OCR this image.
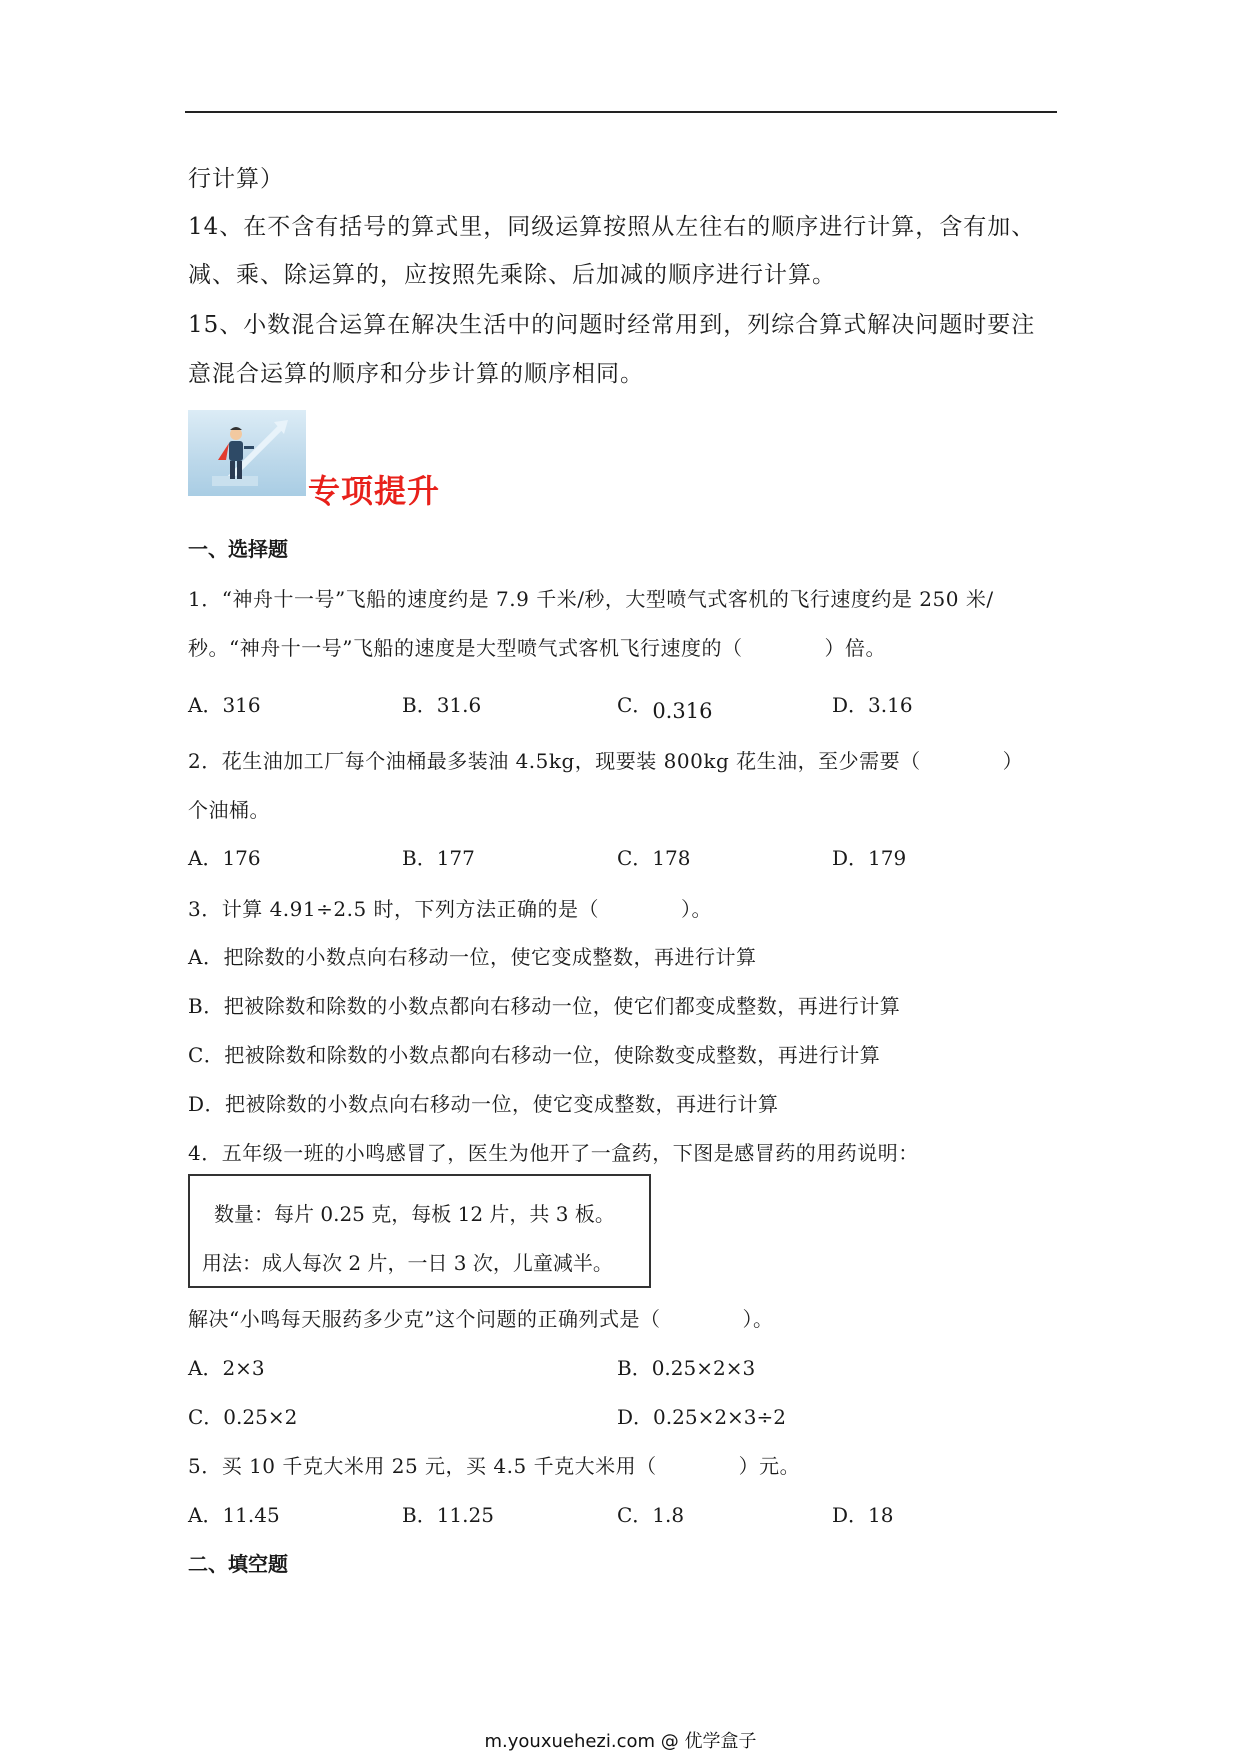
行计算）
14、在不含有括号的算式里，同级运算按照从左往右的顺序进行计算，含有加、
减、乘、除运算的，应按照先乘除、后加减的顺序进行计算。
15、小数混合运算在解决生活中的问题时经常用到，列综合算式解决问题时要注
意混合运算的顺序和分步计算的顺序相同。
专项提升
一、选择题
1．“神舟十一号”飞船的速度约是 7.9 千米/秒，大型喷气式客机的飞行速度约是 250 米/
秒。“神舟十一号”飞船的速度是大型喷气式客机飞行速度的（　　　　）倍。
A．316	B．31.6	C．0.316	D．3.16
2．花生油加工厂每个油桶最多装油 4.5kg，现要装 800kg 花生油，至少需要（　　　　）
个油桶。
A．176	B．177	C．178	D．179
3．计算 4.91÷2.5 时，下列方法正确的是（　　　　）。
A．把除数的小数点向右移动一位，使它变成整数，再进行计算
B．把被除数和除数的小数点都向右移动一位，使它们都变成整数，再进行计算
C．把被除数和除数的小数点都向右移动一位，使除数变成整数，再进行计算
D．把被除数的小数点向右移动一位，使它变成整数，再进行计算
4．五年级一班的小鸣感冒了，医生为他开了一盒药，下图是感冒药的用药说明：
数量：每片 0.25 克，每板 12 片，共 3 板。
用法：成人每次 2 片，一日 3 次，儿童减半。
解决“小鸣每天服药多少克”这个问题的正确列式是（　　　　）。
A．2×3	B．0.25×2×3
C．0.25×2	D．0.25×2×3÷2
5．买 10 千克大米用 25 元，买 4.5 千克大米用（　　　　）元。
A．11.45	B．11.25	C．1.8	D．18
二、填空题
m.youxuehezi.com @ 优学盒子
